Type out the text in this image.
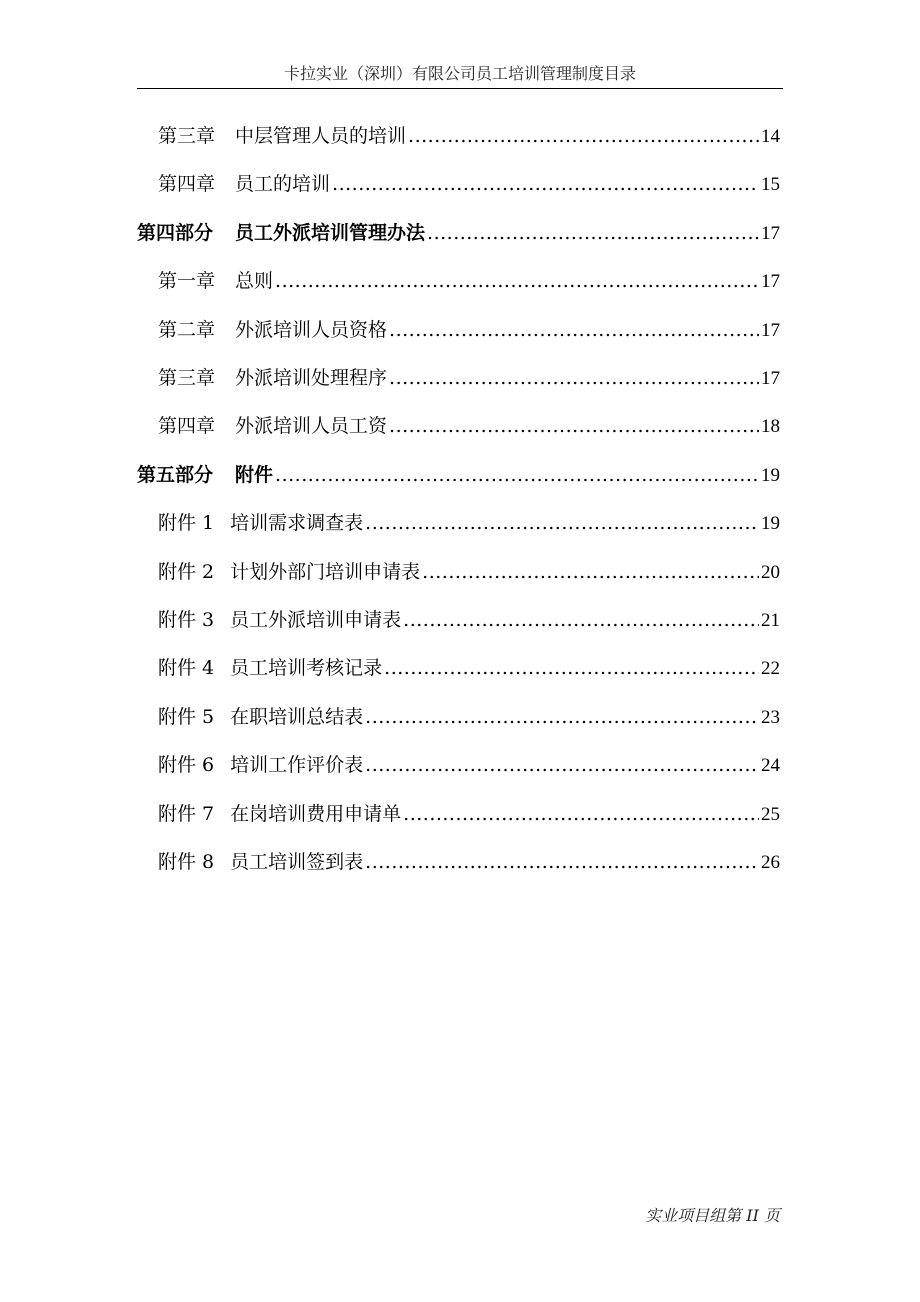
卡拉实业（深圳）有限公司员工培训管理制度目录
第三章 中层管理人员的培训 .....	14
第四章 员工的培训 .....	15
第四部分 员工外派培训管理办法 .....	17
第一章 总则 .....	17
第二章 外派培训人员资格 .....	17
第三章 外派培训处理程序 .....	17
第四章 外派培训人员工资 .....	18
第五部分 附件 .....	19
附件 1 培训需求调查表 .....	19
附件 2 计划外部门培训申请表 .....	20
附件 3 员工外派培训申请表 .....	21
附件 4 员工培训考核记录 .....	22
附件 5 在职培训总结表 .....	23
附件 6 培训工作评价表 .....	24
附件 7 在岗培训费用申请单 .....	25
附件 8 员工培训签到表 .....	26
实业项目组第 II 页
